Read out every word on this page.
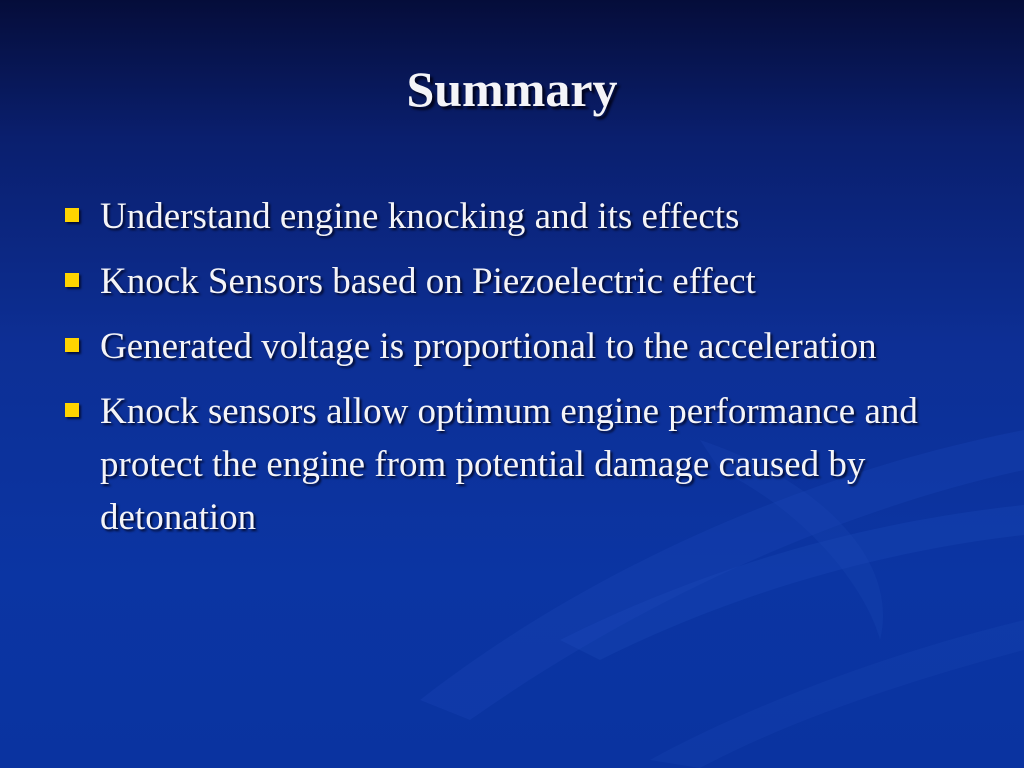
Summary
Understand engine knocking and its effects
Knock Sensors based on Piezoelectric effect
Generated voltage is proportional to the acceleration
Knock sensors allow optimum engine performance and protect the engine from potential damage caused by detonation
